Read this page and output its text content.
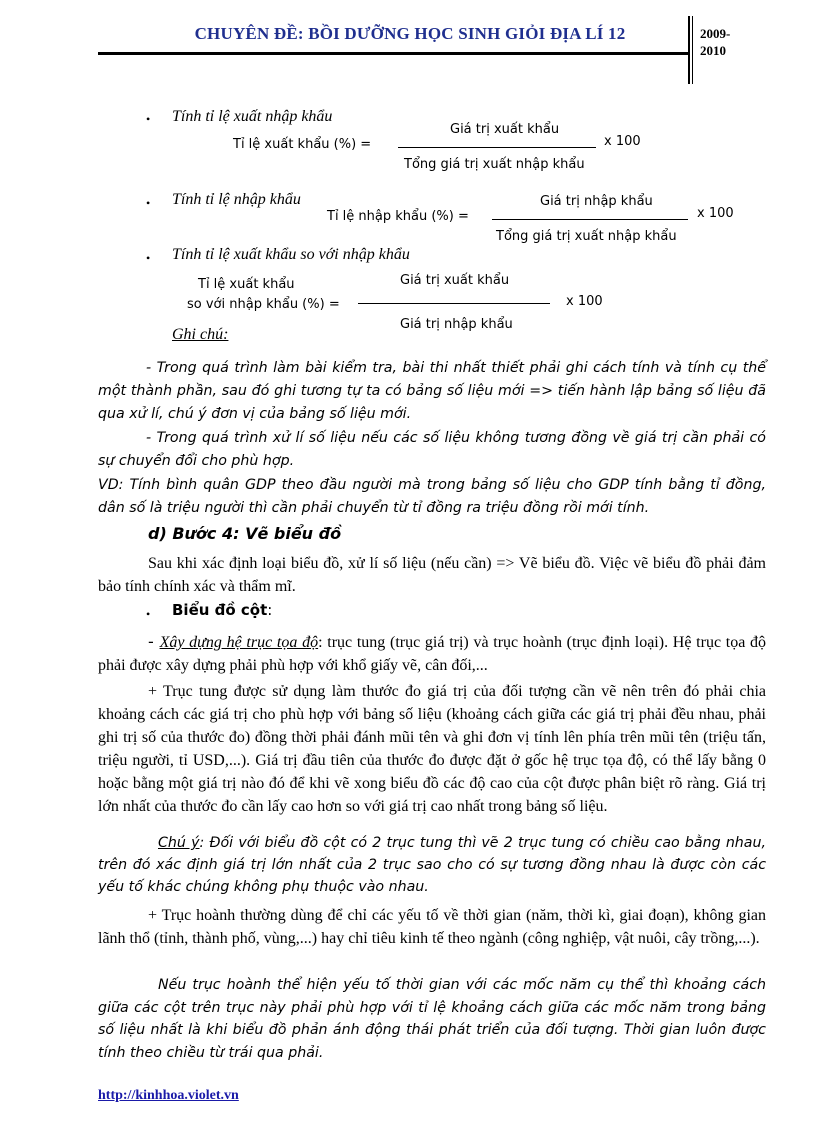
CHUYÊN ĐỀ: BỒI DƯỠNG HỌC SINH GIỎI ĐỊA LÍ 12	2009-
2010
• Tính tỉ lệ xuất nhập khẩu
Tỉ lệ xuất khẩu (%) =
Giá trị xuất khẩu
Tổng giá trị xuất nhập khẩu
x 100
• Tính tỉ lệ nhập khẩu
Tỉ lệ nhập khẩu (%) =
Giá trị nhập khẩu
Tổng giá trị xuất nhập khẩu
x 100
• Tính tỉ lệ xuất khẩu so với nhập khẩu
Tỉ lệ xuất khẩu
so với nhập khẩu (%) =
Giá trị xuất khẩu
Giá trị nhập khẩu
x 100
Ghi chú:
- Trong quá trình làm bài kiểm tra, bài thi nhất thiết phải ghi cách tính và tính cụ thể một thành phần, sau đó ghi tương tự ta có bảng số liệu mới => tiến hành lập bảng số liệu đã qua xử lí, chú ý đơn vị của bảng số liệu mới.
- Trong quá trình xử lí số liệu nếu các số liệu không tương đồng về giá trị cần phải có sự chuyển đổi cho phù hợp.
VD: Tính bình quân GDP theo đầu người mà trong bảng số liệu cho GDP tính bằng tỉ đồng, dân số là triệu người thì cần phải chuyển từ tỉ đồng ra triệu đồng rồi mới tính.
d) Bước 4: Vẽ biểu đồ
Sau khi xác định loại biểu đồ, xử lí số liệu (nếu cần) => Vẽ biểu đồ. Việc vẽ biểu đồ phải đảm bảo tính chính xác và thẩm mĩ.
• Biểu đồ cột:
- Xây dựng hệ trục tọa độ: trục tung (trục giá trị) và trục hoành (trục định loại). Hệ trục tọa độ phải được xây dựng phải phù hợp với khổ giấy vẽ, cân đối,...
+ Trục tung được sử dụng làm thước đo giá trị của đối tượng cần vẽ nên trên đó phải chia khoảng cách các giá trị cho phù hợp với bảng số liệu (khoảng cách giữa các giá trị phải đều nhau, phải ghi trị số của thước đo) đồng thời phải đánh mũi tên và ghi đơn vị tính lên phía trên mũi tên (triệu tấn, triệu người, tỉ USD,...). Giá trị đầu tiên của thước đo được đặt ở gốc hệ trục tọa độ, có thể lấy bằng 0 hoặc bằng một giá trị nào đó để khi vẽ xong biểu đồ các độ cao của cột được phân biệt rõ ràng. Giá trị lớn nhất của thước đo cần lấy cao hơn so với giá trị cao nhất trong bảng số liệu.
Chú ý: Đối với biểu đồ cột có 2 trục tung thì vẽ 2 trục tung có chiều cao bằng nhau, trên đó xác định giá trị lớn nhất của 2 trục sao cho có sự tương đồng nhau là được còn các yếu tố khác chúng không phụ thuộc vào nhau.
+ Trục hoành thường dùng để chỉ các yếu tố về thời gian (năm, thời kì, giai đoạn), không gian lãnh thổ (tỉnh, thành phố, vùng,...) hay chỉ tiêu kinh tế theo ngành (công nghiệp, vật nuôi, cây trồng,...).
Nếu trục hoành thể hiện yếu tố thời gian với các mốc năm cụ thể thì khoảng cách giữa các cột trên trục này phải phù hợp với tỉ lệ khoảng cách giữa các mốc năm trong bảng số liệu nhất là khi biểu đồ phản ánh động thái phát triển của đối tượng. Thời gian luôn được tính theo chiều từ trái qua phải.
http://kinhhoa.violet.vn
